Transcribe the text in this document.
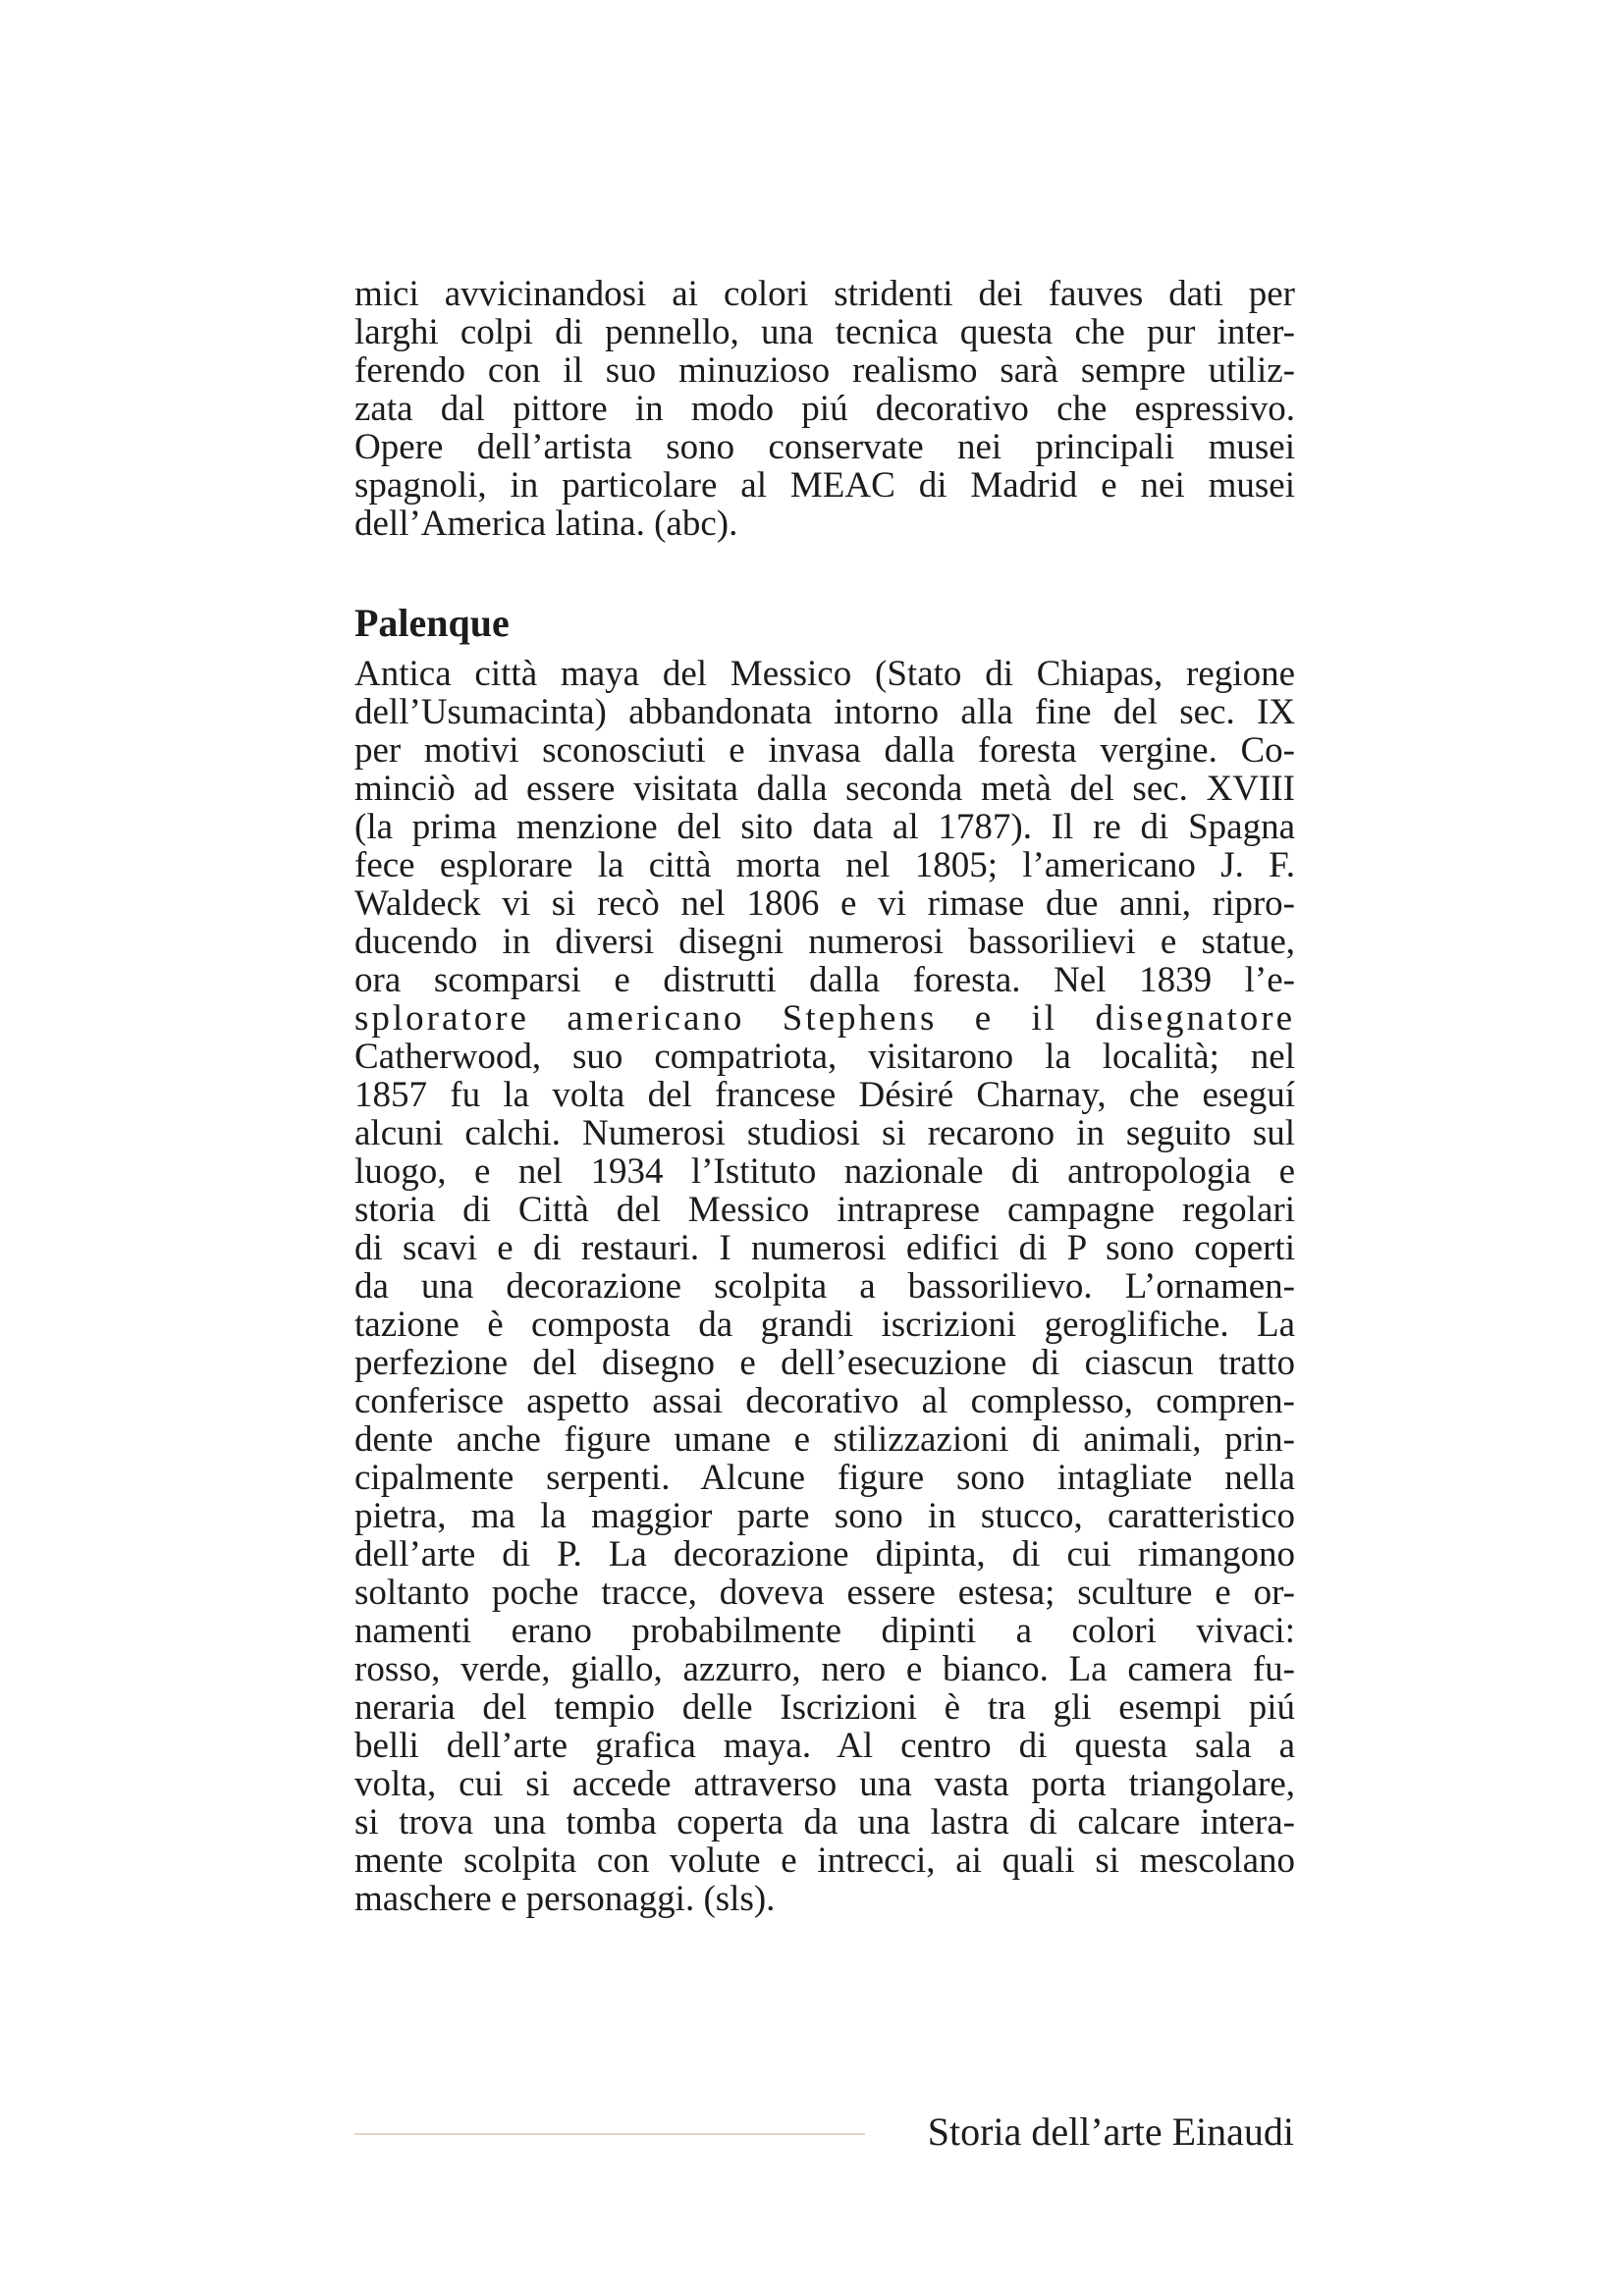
mici avvicinandosi ai colori stridenti dei fauves dati per

larghi colpi di pennello, una tecnica questa che pur inter-

ferendo con il suo minuzioso realismo sarà sempre utiliz-

zata dal pittore in modo piú decorativo che espressivo.

Opere dell’artista sono conservate nei principali musei

spagnoli, in particolare al MEAC di Madrid e nei musei

dell’America latina. (abc).

Palenque

Antica città maya del Messico (Stato di Chiapas, regione

dell’Usumacinta) abbandonata intorno alla fine del sec. IX

per motivi sconosciuti e invasa dalla foresta vergine. Co-

minciò ad essere visitata dalla seconda metà del sec. XVIII

(la prima menzione del sito data al 1787). Il re di Spagna

fece esplorare la città morta nel 1805; l’americano J. F.

Waldeck vi si recò nel 1806 e vi rimase due anni, ripro-

ducendo in diversi disegni numerosi bassorilievi e statue,

ora scomparsi e distrutti dalla foresta. Nel 1839 l’e-

sploratore americano Stephens e il disegnatore

Catherwood, suo compatriota, visitarono la località; nel

1857 fu la volta del francese Désiré Charnay, che eseguí

alcuni calchi. Numerosi studiosi si recarono in seguito sul

luogo, e nel 1934 l’Istituto nazionale di antropologia e

storia di Città del Messico intraprese campagne regolari

di scavi e di restauri. I numerosi edifici di P sono coperti

da una decorazione scolpita a bassorilievo. L’ornamen-

tazione è composta da grandi iscrizioni geroglifiche. La

perfezione del disegno e dell’esecuzione di ciascun tratto

conferisce aspetto assai decorativo al complesso, compren-

dente anche figure umane e stilizzazioni di animali, prin-

cipalmente serpenti. Alcune figure sono intagliate nella

pietra, ma la maggior parte sono in stucco, caratteristico

dell’arte di P. La decorazione dipinta, di cui rimangono

soltanto poche tracce, doveva essere estesa; sculture e or-

namenti erano probabilmente dipinti a colori vivaci:

rosso, verde, giallo, azzurro, nero e bianco. La camera fu-

neraria del tempio delle Iscrizioni è tra gli esempi piú

belli dell’arte grafica maya. Al centro di questa sala a

volta, cui si accede attraverso una vasta porta triangolare,

si trova una tomba coperta da una lastra di calcare intera-

mente scolpita con volute e intrecci, ai quali si mescolano

maschere e personaggi. (sls).

Storia dell’arte Einaudi
